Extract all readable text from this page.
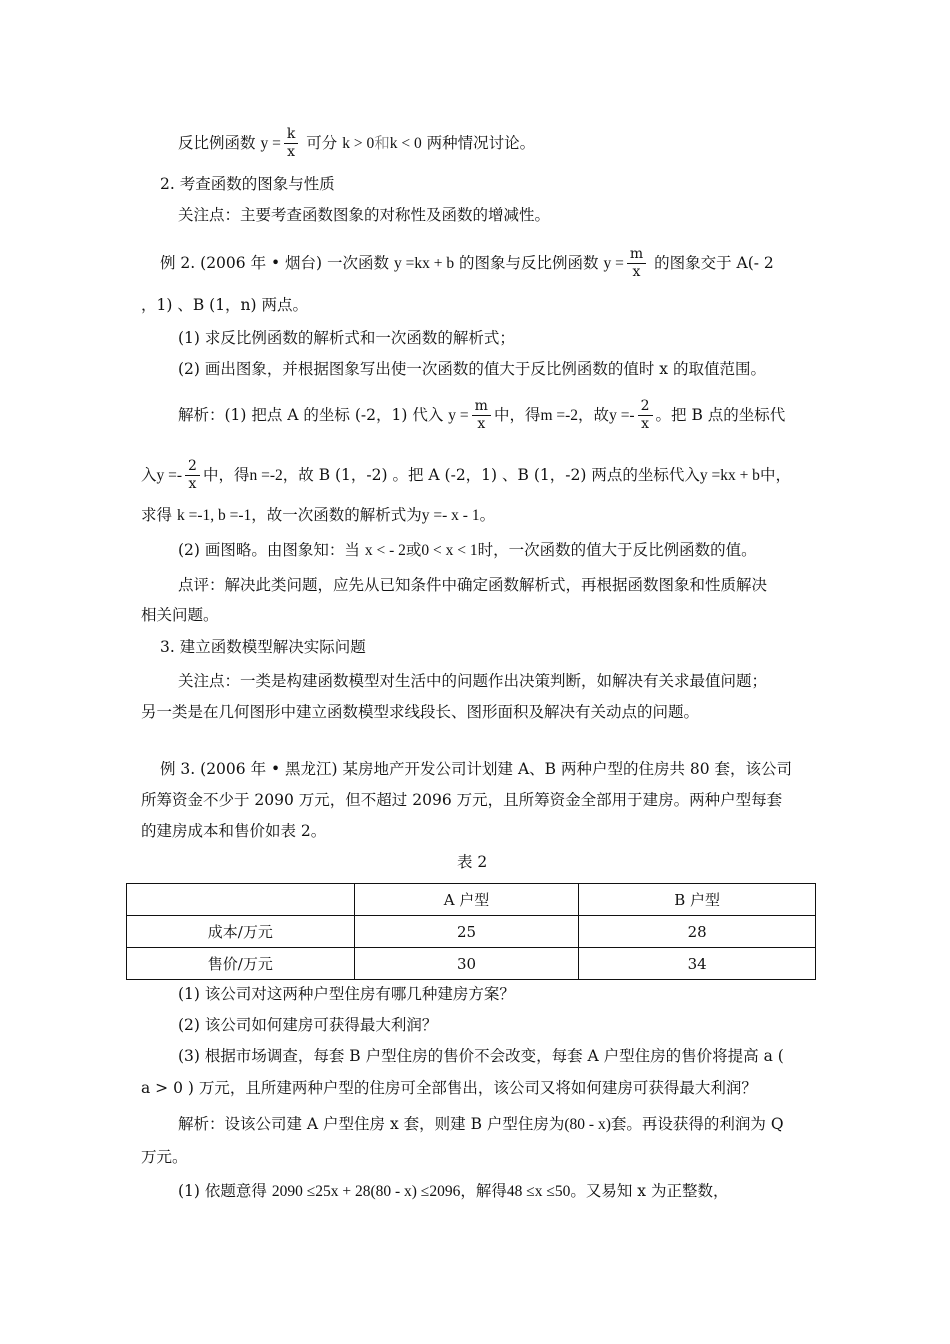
反比例函数 $y = \frac{k}{x}$ 可分 k > 0和k < 0 两种情况讨论。
2. 考查函数的图象与性质
关注点：主要考查函数图象的对称性及函数的增减性。
例 2. (2006 年 • 烟台) 一次函数 y =kx + b 的图象与反比例函数 $y = \frac{m}{x}$ 的图象交于 A(- 2
，1) 、B (1，n) 两点。
(1) 求反比例函数的解析式和一次函数的解析式；
(2) 画出图象，并根据图象写出使一次函数的值大于反比例函数的值时 x 的取值范围。
解析：(1) 把点 A 的坐标 (-2，1) 代入 $y = \frac{m}{x}$ 中，得m =-2，故$y =- \frac{2}{x}$ 。把 B 点的坐标代
入$y =- \frac{2}{x}$ 中，得n =-2，故 B (1，-2) 。把 A (-2，1) 、B (1，-2) 两点的坐标代入y =kx + b中，
求得 k =-1, b =-1，故一次函数的解析式为y =- x - 1。
(2) 画图略。由图象知：当 x < - 2或0 < x < 1时，一次函数的值大于反比例函数的值。
点评：解决此类问题，应先从已知条件中确定函数解析式，再根据函数图象和性质解决
相关问题。
3. 建立函数模型解决实际问题
关注点：一类是构建函数模型对生活中的问题作出决策判断，如解决有关求最值问题；
另一类是在几何图形中建立函数模型求线段长、图形面积及解决有关动点的问题。
例 3. (2006 年 • 黑龙江) 某房地产开发公司计划建 A、B 两种户型的住房共 80 套，该公司
所筹资金不少于 2090 万元，但不超过 2096 万元，且所筹资金全部用于建房。两种户型每套
的建房成本和售价如表 2。
表 2
	A 户型	B 户型
成本/万元	25	28
售价/万元	30	34
(1) 该公司对这两种户型住房有哪几种建房方案？
(2) 该公司如何建房可获得最大利润？
(3) 根据市场调查，每套 B 户型住房的售价不会改变，每套 A 户型住房的售价将提高 a (
a > 0 ) 万元，且所建两种户型的住房可全部售出，该公司又将如何建房可获得最大利润？
解析：设该公司建 A 户型住房 x 套，则建 B 户型住房为(80 - x)套。再设获得的利润为 Q
万元。
(1) 依题意得 2090 ≤25x + 28(80 - x) ≤2096，解得48 ≤x ≤50。又易知 x 为正整数，
